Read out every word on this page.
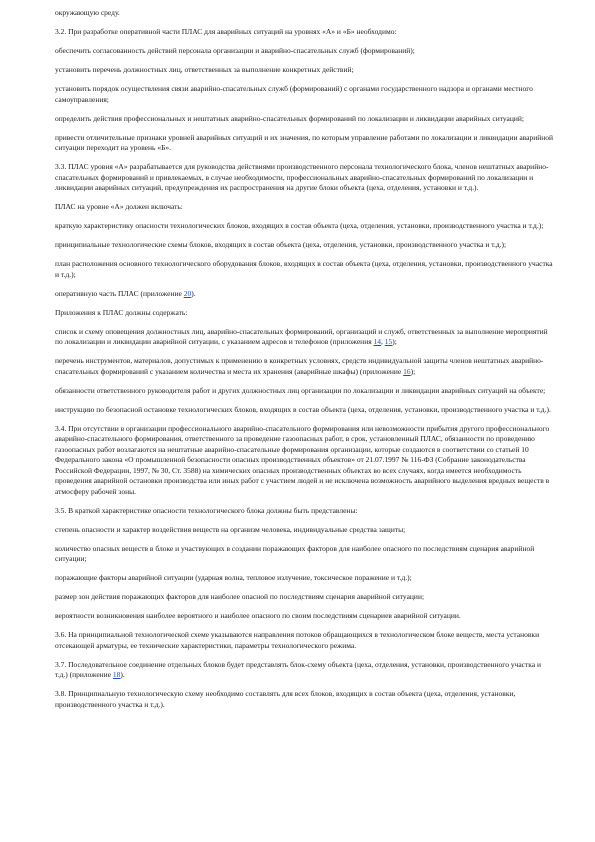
окружающую среду.

3.2. При разработке оперативной части ПЛАС для аварийных ситуаций на уровнях «А» и «Б» необходимо:

обеспечить согласованность действий персонала организации и аварийно-спасательных служб (формирований);

установить перечень должностных лиц, ответственных за выполнение конкретных действий;

установить порядок осуществления связи аварийно-спасательных служб (формирований) с органами государственного надзора и органами местного самоуправления;

определить действия профессиональных и нештатных аварийно-спасательных формирований по локализации и ликвидации аварийных ситуаций;

привести отличительные признаки уровней аварийных ситуаций и их значения, по которым управление работами по локализации и ликвидации аварийной ситуации переходит на уровень «Б».

3.3. ПЛАС уровня «А» разрабатывается для руководства действиями производственного персонала технологического блока, членов нештатных аварийно-спасательных формирований и привлекаемых, в случае необходимости, профессиональных аварийно-спасательных формирований по локализации и ликвидации аварийных ситуаций, предупреждения их распространения на другие блоки объекта (цеха, отделения, установки и т.д.).

ПЛАС на уровне «А» должен включать:

краткую характеристику опасности технологических блоков, входящих в состав объекта (цеха, отделения, установки, производственного участка и т.д.);

принципиальные технологические схемы блоков, входящих в состав объекта (цеха, отделения, установки, производственного участка и т.д.);

план расположения основного технологического оборудования блоков, входящих в состав объекта (цеха, отделения, установки, производственного участка и т.д.);

оперативную часть ПЛАС (приложение 20).

Приложения к ПЛАС должны содержать:

список и схему оповещения должностных лиц, аварийно-спасательных формирований, организаций и служб, ответственных за выполнение мероприятий по локализации и ликвидации аварийной ситуации, с указанием адресов и телефонов (приложения 14, 15);

перечень инструментов, материалов, допустимых к применению в конкретных условиях, средств индивидуальной защиты членов нештатных аварийно-спасательных формирований с указанием количества и места их хранения (аварийные шкафы) (приложение 16);

обязанности ответственного руководителя работ и других должностных лиц организации по локализации и ликвидации аварийных ситуаций на объекте;

инструкцию по безопасной остановке технологических блоков, входящих в состав объекта (цеха, отделения, установки, производственного участка и т.д.).

3.4. При отсутствии в организации профессионального аварийно-спасательного формирования или невозможности прибытия другого профессионального аварийно-спасательного формирования, ответственного за проведение газоопасных работ, в срок, установленный ПЛАС, обязанности по проведению газоопасных работ возлагаются на нештатные аварийно-спасательные формирования организации, которые создаются в соответствии со статьей 10 Федерального закона «О промышленной безопасности опасных производственных объектов» от 21.07.1997 № 116-ФЗ (Собрание законодательства Российской Федерации, 1997, № 30, Ст. 3588) на химических опасных производственных объектах во всех случаях, когда имеется необходимость проведения аварийной остановки производства или иных работ с участием людей и не исключена возможность аварийного выделения вредных веществ в атмосферу рабочей зоны.

3.5. В краткой характеристике опасности технологического блока должны быть представлены:

степень опасности и характер воздействия веществ на организм человека, индивидуальные средства защиты;

количество опасных веществ в блоке и участвующих в создании поражающих факторов для наиболее опасного по последствиям сценария аварийной ситуации;

поражающие факторы аварийной ситуации (ударная волна, тепловое излучение, токсическое поражение и т.д.);

размер зон действия поражающих факторов для наиболее опасной по последствиям сценария аварийной ситуации;

вероятности возникновения наиболее вероятного и наиболее опасного по своим последствиям сценариев аварийной ситуации.

3.6. На принципиальной технологической схеме указываются направления потоков обращающихся в технологическом блоке веществ, места установки отсекающей арматуры, ее технические характеристики, параметры технологического режима.

3.7. Последовательное соединение отдельных блоков будет представлять блок-схему объекта (цеха, отделения, установки, производственного участка и т.д.) (приложение 18).

3.8. Принципиальную технологическую схему необходимо составлять для всех блоков, входящих в состав объекта (цеха, отделения, установки, производственного участка и т.д.).
